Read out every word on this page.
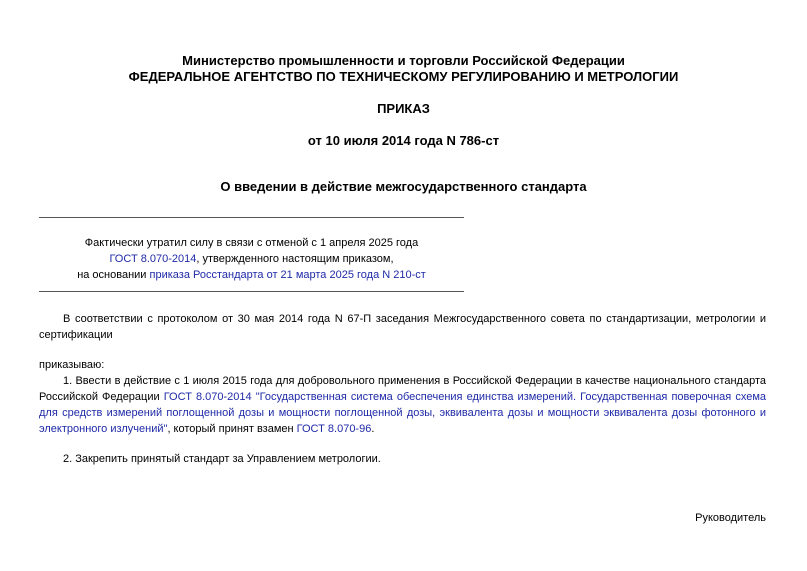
Министерство промышленности и торговли Российской Федерации
ФЕДЕРАЛЬНОЕ АГЕНТСТВО ПО ТЕХНИЧЕСКОМУ РЕГУЛИРОВАНИЮ И МЕТРОЛОГИИ
ПРИКАЗ
от 10 июля 2014 года N 786-ст
О введении в действие межгосударственного стандарта
Фактически утратил силу в связи с отменой с 1 апреля 2025 года
ГОСТ 8.070-2014, утвержденного настоящим приказом,
на основании приказа Росстандарта от 21 марта 2025 года N 210-ст
В соответствии с протоколом от 30 мая 2014 года N 67-П заседания Межгосударственного совета по стандартизации, метрологии и сертификации
приказываю:
1. Ввести в действие с 1 июля 2015 года для добровольного применения в Российской Федерации в качестве национального стандарта Российской Федерации ГОСТ 8.070-2014 "Государственная система обеспечения единства измерений. Государственная поверочная схема для средств измерений поглощенной дозы и мощности поглощенной дозы, эквивалента дозы и мощности эквивалента дозы фотонного и электронного излучений", который принят взамен ГОСТ 8.070-96.
2. Закрепить принятый стандарт за Управлением метрологии.
Руководитель
